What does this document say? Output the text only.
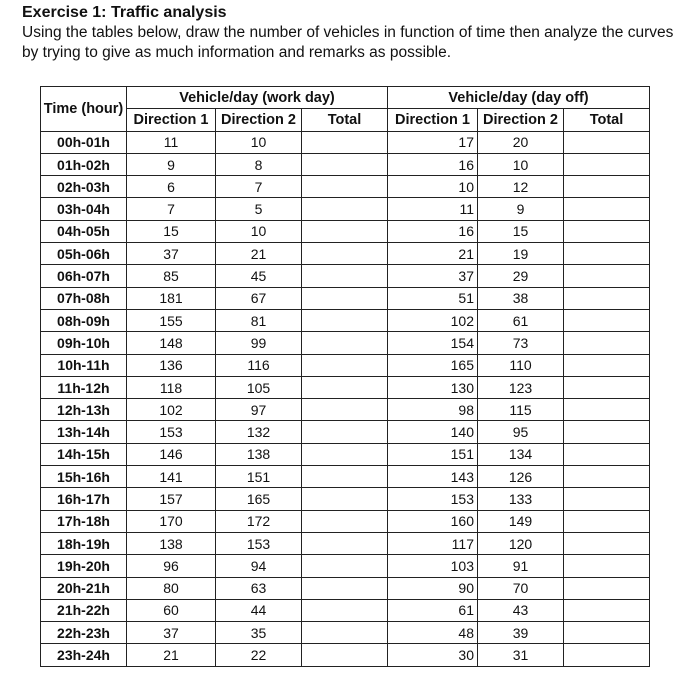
Exercise 1: Traffic analysis
Using the tables below, draw the number of vehicles in function of time then analyze the curves by trying to give as much information and remarks as possible.
Time (hour)	Vehicle/day (work day)			Vehicle/day (day off)		
	Direction 1	Direction 2	Total	Direction 1	Direction 2	Total
00h-01h	11	10		17	20	
01h-02h	9	8		16	10	
02h-03h	6	7		10	12	
03h-04h	7	5		11	9	
04h-05h	15	10		16	15	
05h-06h	37	21		21	19	
06h-07h	85	45		37	29	
07h-08h	181	67		51	38	
08h-09h	155	81		102	61	
09h-10h	148	99		154	73	
10h-11h	136	116		165	110	
11h-12h	118	105		130	123	
12h-13h	102	97		98	115	
13h-14h	153	132		140	95	
14h-15h	146	138		151	134	
15h-16h	141	151		143	126	
16h-17h	157	165		153	133	
17h-18h	170	172		160	149	
18h-19h	138	153		117	120	
19h-20h	96	94		103	91	
20h-21h	80	63		90	70	
21h-22h	60	44		61	43	
22h-23h	37	35		48	39	
23h-24h	21	22		30	31	
